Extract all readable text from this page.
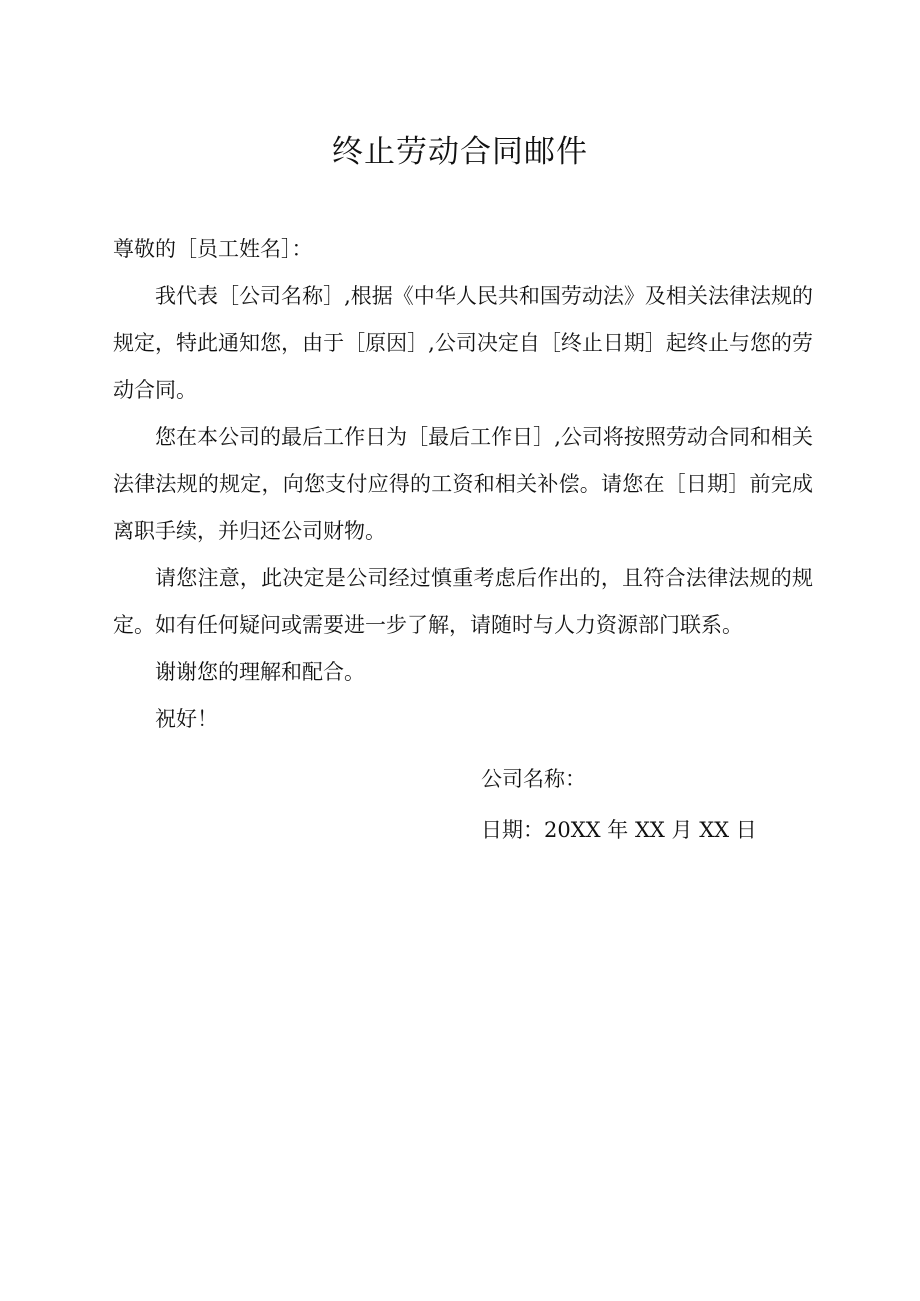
终止劳动合同邮件

尊敬的［员工姓名］：

我代表［公司名称］,根据《中华人民共和国劳动法》及相关法律法规的规定，特此通知您，由于［原因］,公司决定自［终止日期］起终止与您的劳动合同。

您在本公司的最后工作日为［最后工作日］,公司将按照劳动合同和相关法律法规的规定，向您支付应得的工资和相关补偿。请您在［日期］前完成离职手续，并归还公司财物。

请您注意，此决定是公司经过慎重考虑后作出的，且符合法律法规的规定。如有任何疑问或需要进一步了解，请随时与人力资源部门联系。

谢谢您的理解和配合。

祝好！

公司名称：

日期：20XX 年 XX 月 XX 日
